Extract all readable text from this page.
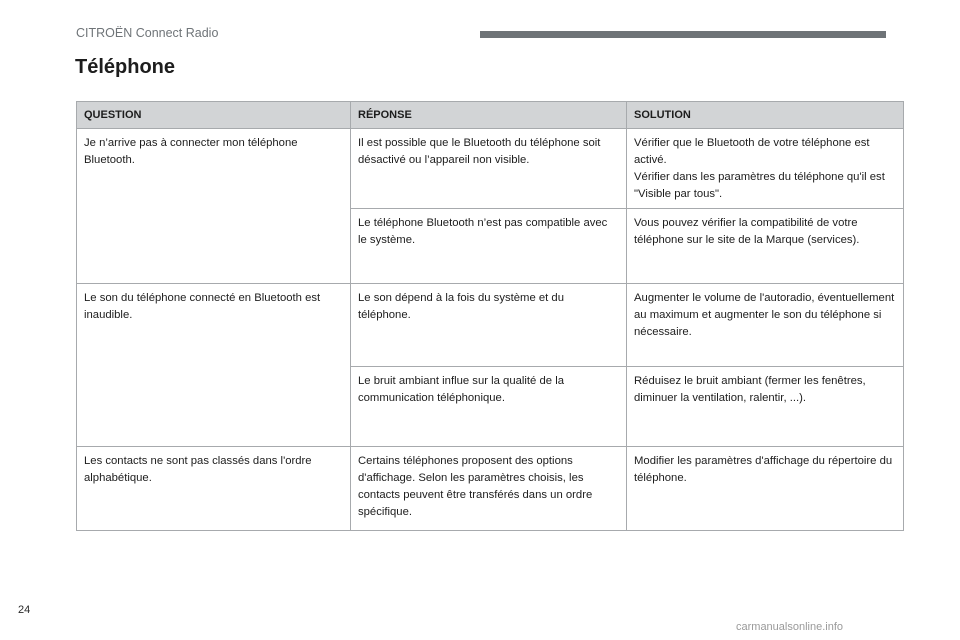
CITROËN Connect Radio
Téléphone
QUESTION	RÉPONSE	SOLUTION
Je n’arrive pas à connecter mon téléphone Bluetooth.	Il est possible que le Bluetooth du téléphone soit désactivé ou l’appareil non visible.	Vérifier que le Bluetooth de votre téléphone est activé.
Vérifier dans les paramètres du téléphone qu'il est "Visible par tous".

	Le téléphone Bluetooth n’est pas compatible avec le système.	Vous pouvez vérifier la compatibilité de votre téléphone sur le site de la Marque (services).

Le son du téléphone connecté en Bluetooth est inaudible.	Le son dépend à la fois du système et du téléphone.	Augmenter le volume de l'autoradio, éventuellement au maximum et augmenter le son du téléphone si nécessaire.

	Le bruit ambiant influe sur la qualité de la communication téléphonique.	Réduisez le bruit ambiant (fermer les fenêtres, diminuer la ventilation, ralentir, ...).

Les contacts ne sont pas classés dans l'ordre alphabétique.	Certains téléphones proposent des options d'affichage. Selon les paramètres choisis, les contacts peuvent être transférés dans un ordre spécifique.	Modifier les paramètres d'affichage du répertoire du téléphone.
24
carmanualsonline.info
